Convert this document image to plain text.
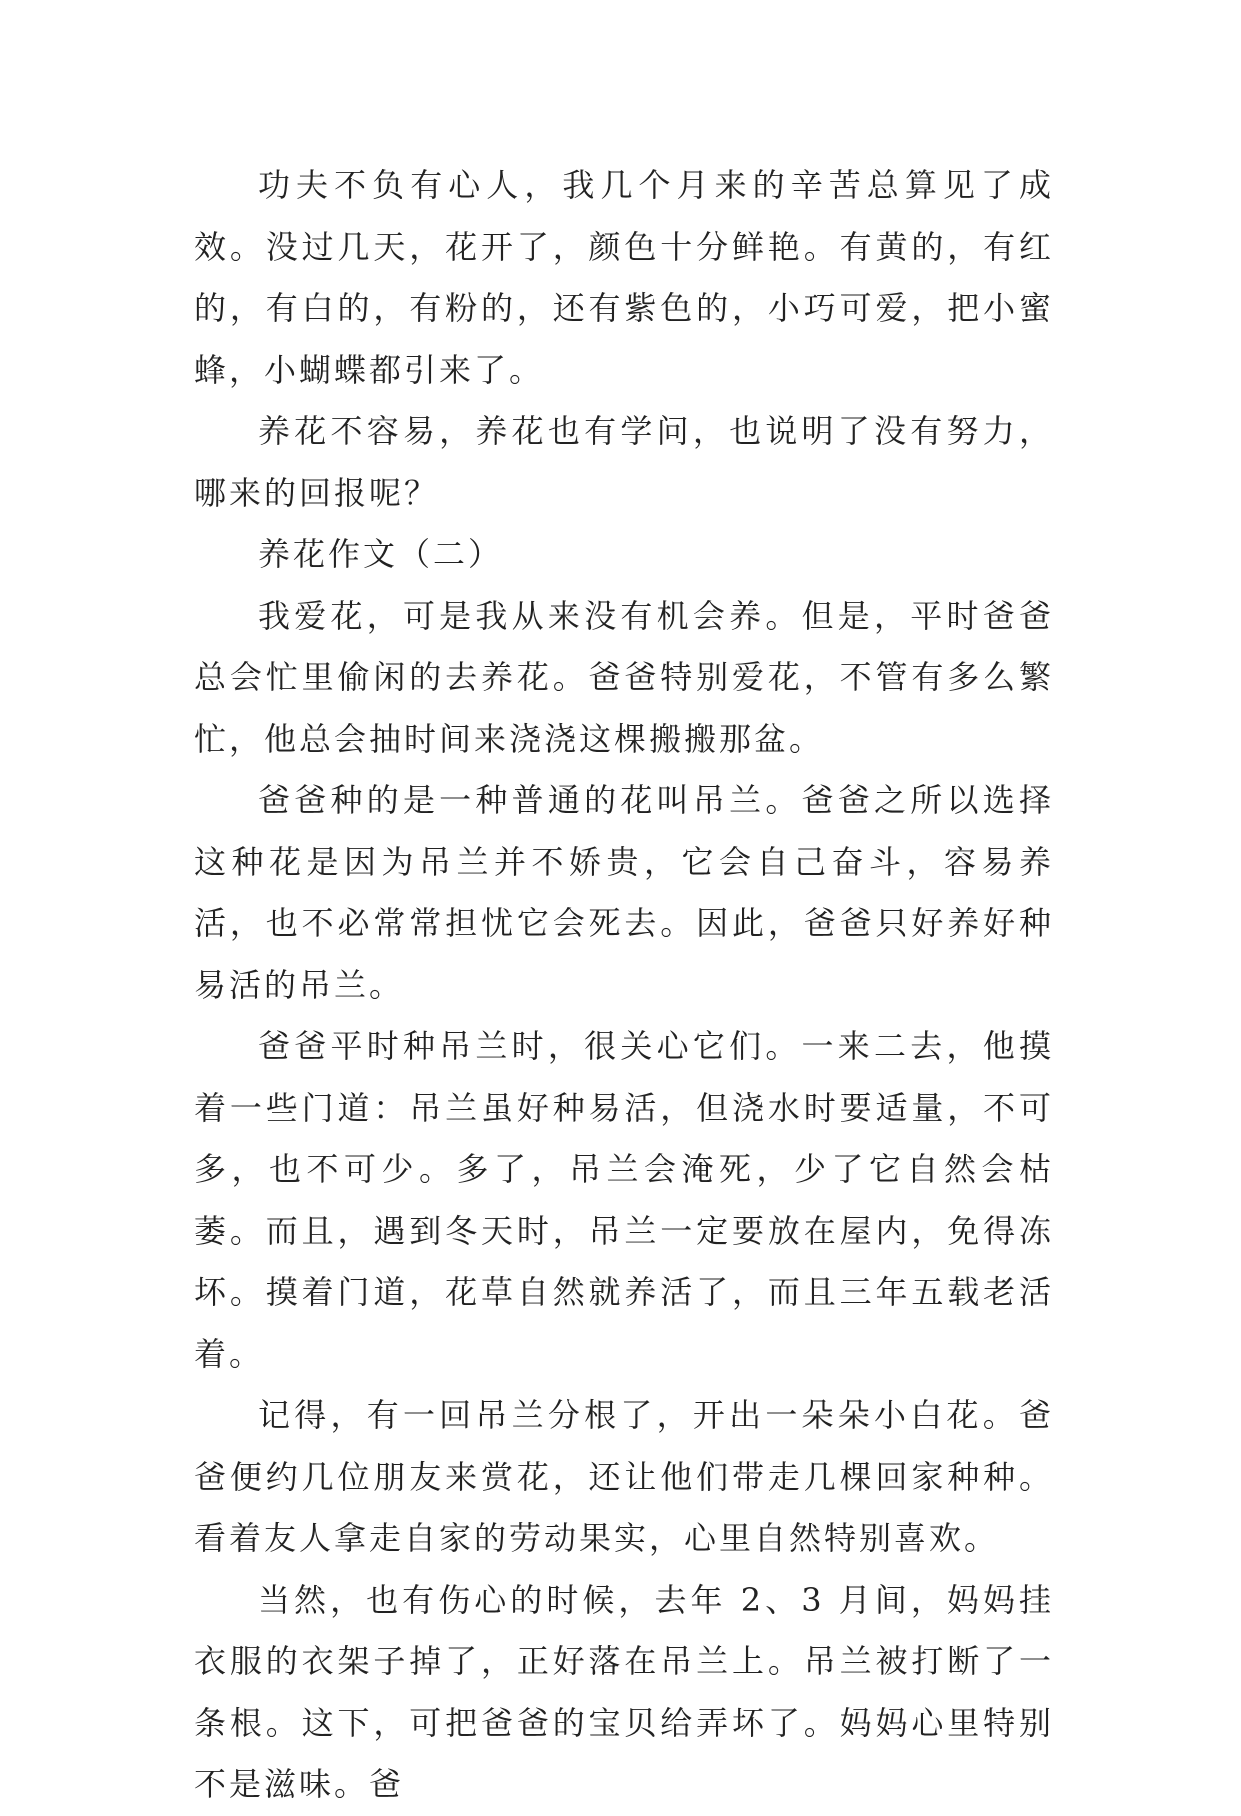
功夫不负有心人，我几个月来的辛苦总算见了成效。没过几天，花开了，颜色十分鲜艳。有黄的，有红的，有白的，有粉的，还有紫色的，小巧可爱，把小蜜蜂，小蝴蝶都引来了。

养花不容易，养花也有学问，也说明了没有努力，哪来的回报呢？

养花作文（二）

我爱花，可是我从来没有机会养。但是，平时爸爸总会忙里偷闲的去养花。爸爸特别爱花，不管有多么繁忙，他总会抽时间来浇浇这棵搬搬那盆。

爸爸种的是一种普通的花叫吊兰。爸爸之所以选择这种花是因为吊兰并不娇贵，它会自己奋斗，容易养活，也不必常常担忧它会死去。因此，爸爸只好养好种易活的吊兰。

爸爸平时种吊兰时，很关心它们。一来二去，他摸着一些门道：吊兰虽好种易活，但浇水时要适量，不可多，也不可少。多了，吊兰会淹死，少了它自然会枯萎。而且，遇到冬天时，吊兰一定要放在屋内，免得冻坏。摸着门道，花草自然就养活了，而且三年五载老活着。

记得，有一回吊兰分根了，开出一朵朵小白花。爸爸便约几位朋友来赏花，还让他们带走几棵回家种种。看着友人拿走自家的劳动果实，心里自然特别喜欢。

当然，也有伤心的时候，去年 2、3 月间，妈妈挂衣服的衣架子掉了，正好落在吊兰上。吊兰被打断了一条根。这下，可把爸爸的宝贝给弄坏了。妈妈心里特别不是滋味。爸
